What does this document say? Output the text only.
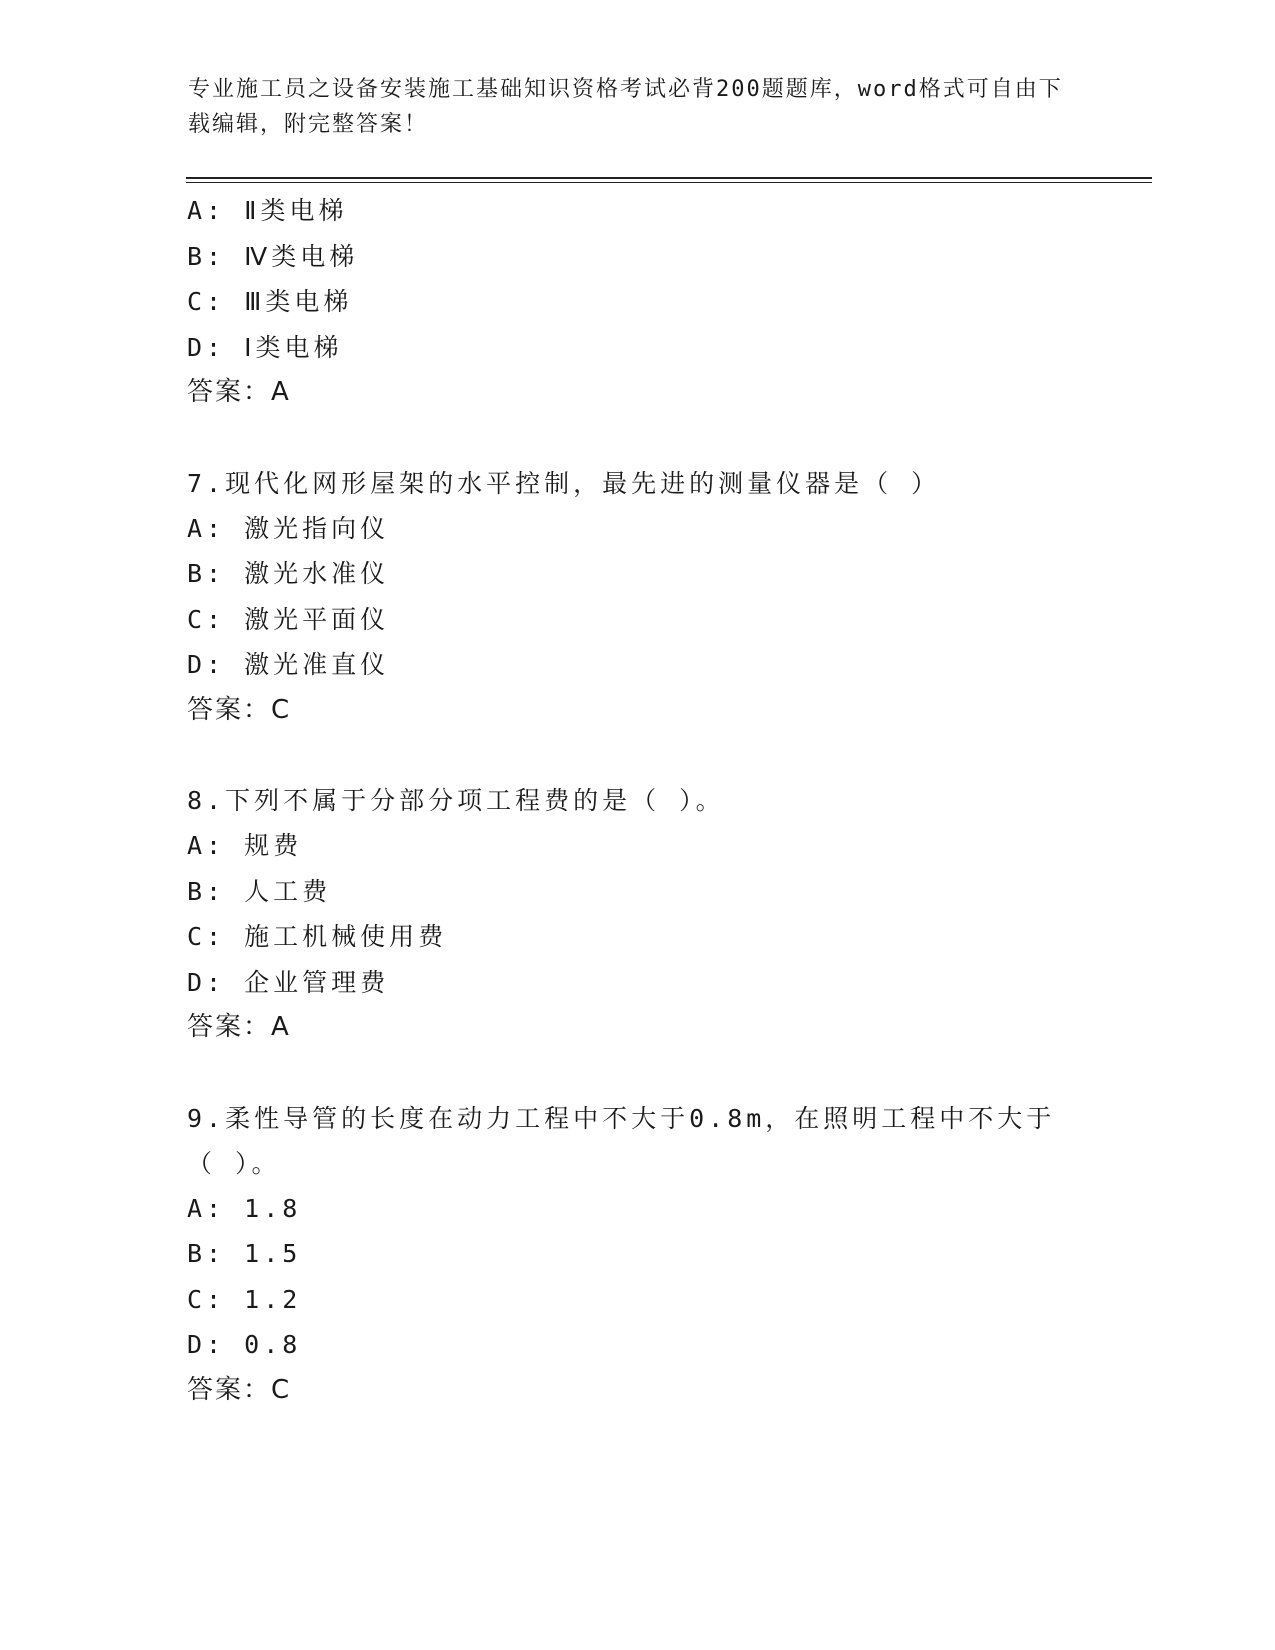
专业施工员之设备安装施工基础知识资格考试必背200题题库，word格式可自由下载编辑，附完整答案！
A: Ⅱ类电梯
B: Ⅳ类电梯
C: Ⅲ类电梯
D: Ⅰ类电梯
答案：A
7.现代化网形屋架的水平控制，最先进的测量仪器是（ ）
A: 激光指向仪
B: 激光水准仪
C: 激光平面仪
D: 激光准直仪
答案：C
8.下列不属于分部分项工程费的是（ ）。
A: 规费
B: 人工费
C: 施工机械使用费
D: 企业管理费
答案：A
9.柔性导管的长度在动力工程中不大于0.8m，在照明工程中不大于（ ）。
A: 1.8
B: 1.5
C: 1.2
D: 0.8
答案：C
